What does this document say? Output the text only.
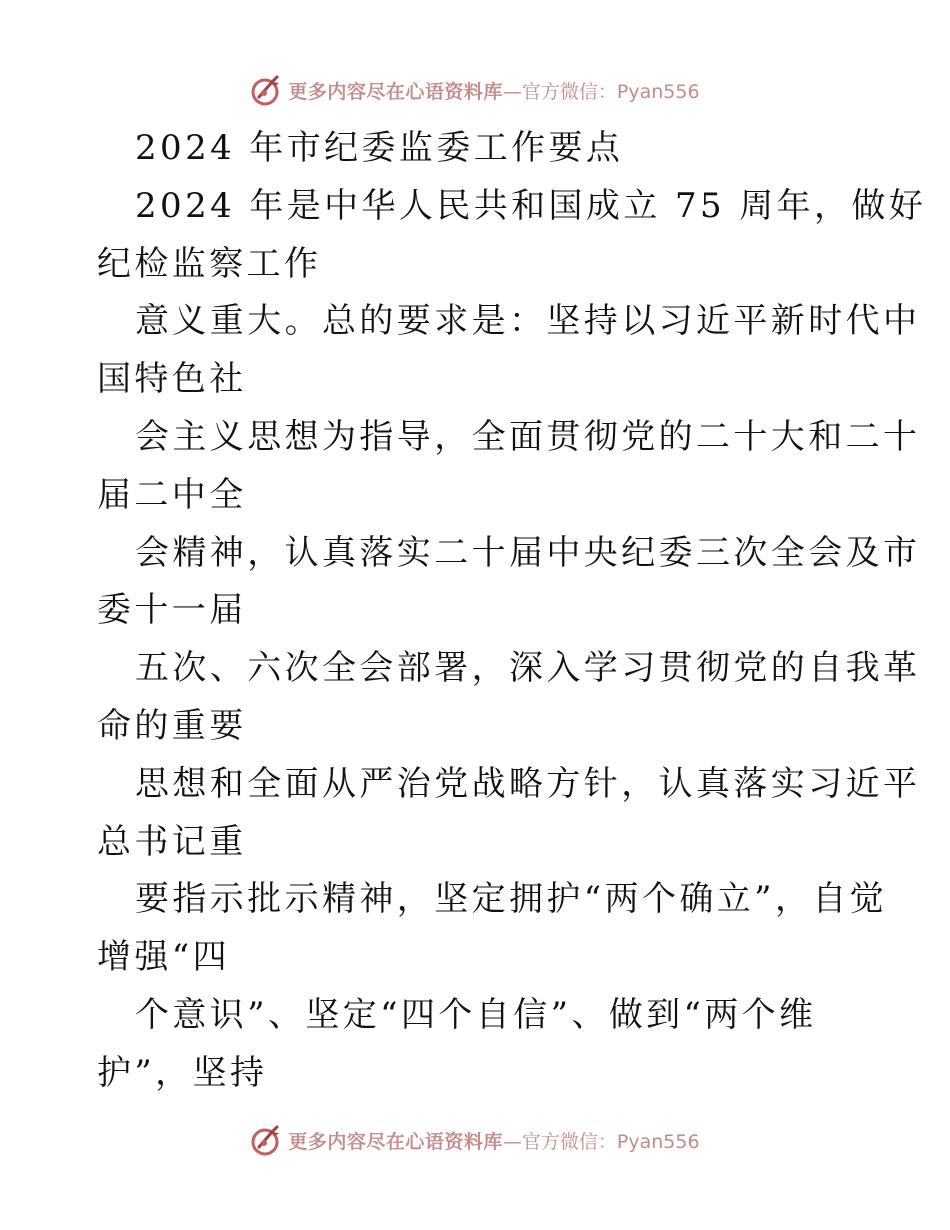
更多内容尽在心语资料库 —官方微信：Pyan556
2024 年市纪委监委工作要点
2024 年是中华人民共和国成立 75 周年，做好
纪检监察工作
意义重大。总的要求是：坚持以习近平新时代中
国特色社
会主义思想为指导，全面贯彻党的二十大和二十
届二中全
会精神，认真落实二十届中央纪委三次全会及市
委十一届
五次、六次全会部署，深入学习贯彻党的自我革
命的重要
思想和全面从严治党战略方针，认真落实习近平
总书记重
要指示批示精神，坚定拥护“两个确立”，自觉
增强“四
个意识”、坚定“四个自信”、做到“两个维
护”，坚持
更多内容尽在心语资料库 —官方微信：Pyan556
